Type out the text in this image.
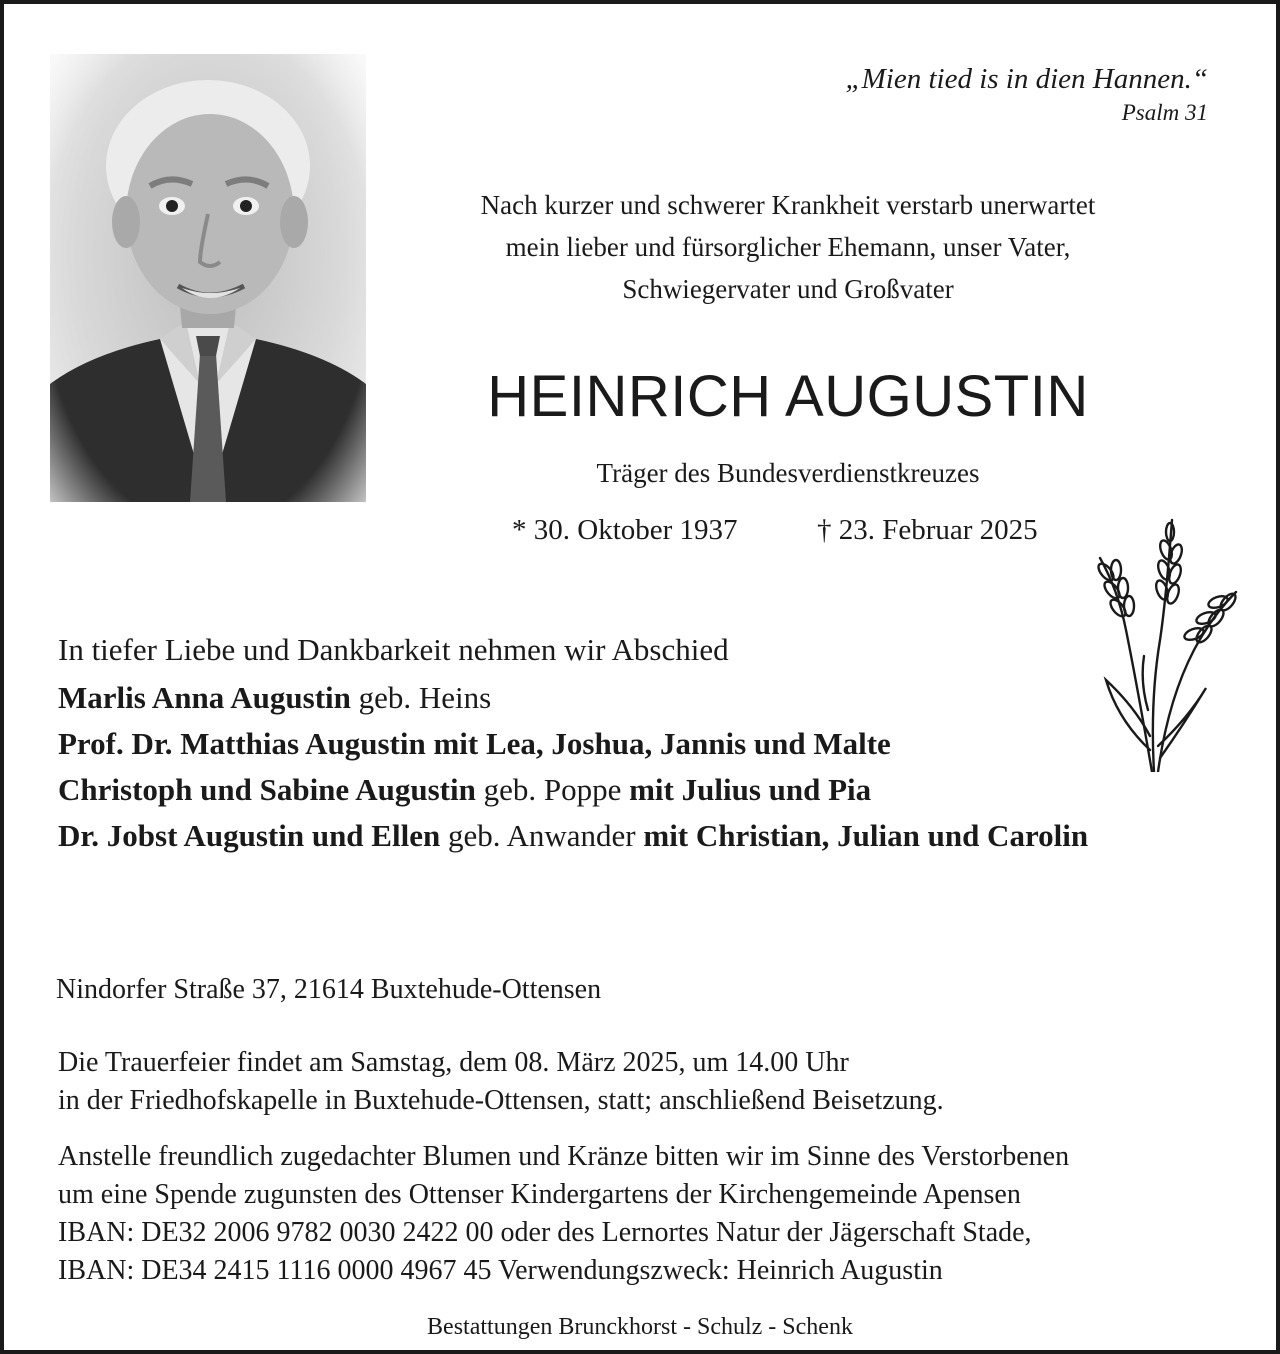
„Mien tied is in dien Hannen.“
Psalm 31
Nach kurzer und schwerer Krankheit verstarb unerwartet
mein lieber und fürsorglicher Ehemann, unser Vater,
Schwiegervater und Großvater
HEINRICH AUGUSTIN
Träger des Bundesverdienstkreuzes
* 30. Oktober 1937	† 23. Februar 2025
In tiefer Liebe und Dankbarkeit nehmen wir Abschied
Marlis Anna Augustin geb. Heins
Prof. Dr. Matthias Augustin mit Lea, Joshua, Jannis und Malte
Christoph und Sabine Augustin geb. Poppe mit Julius und Pia
Dr. Jobst Augustin und Ellen geb. Anwander mit Christian, Julian und Carolin
Nindorfer Straße 37, 21614 Buxtehude-Ottensen
Die Trauerfeier findet am Samstag, dem 08. März 2025, um 14.00 Uhr
in der Friedhofskapelle in Buxtehude-Ottensen, statt; anschließend Beisetzung.
Anstelle freundlich zugedachter Blumen und Kränze bitten wir im Sinne des Verstorbenen
um eine Spende zugunsten des Ottenser Kindergartens der Kirchengemeinde Apensen
IBAN: DE32 2006 9782 0030 2422 00 oder des Lernortes Natur der Jägerschaft Stade,
IBAN: DE34 2415 1116 0000 4967 45 Verwendungszweck: Heinrich Augustin
Bestattungen Brunckhorst - Schulz - Schenk
